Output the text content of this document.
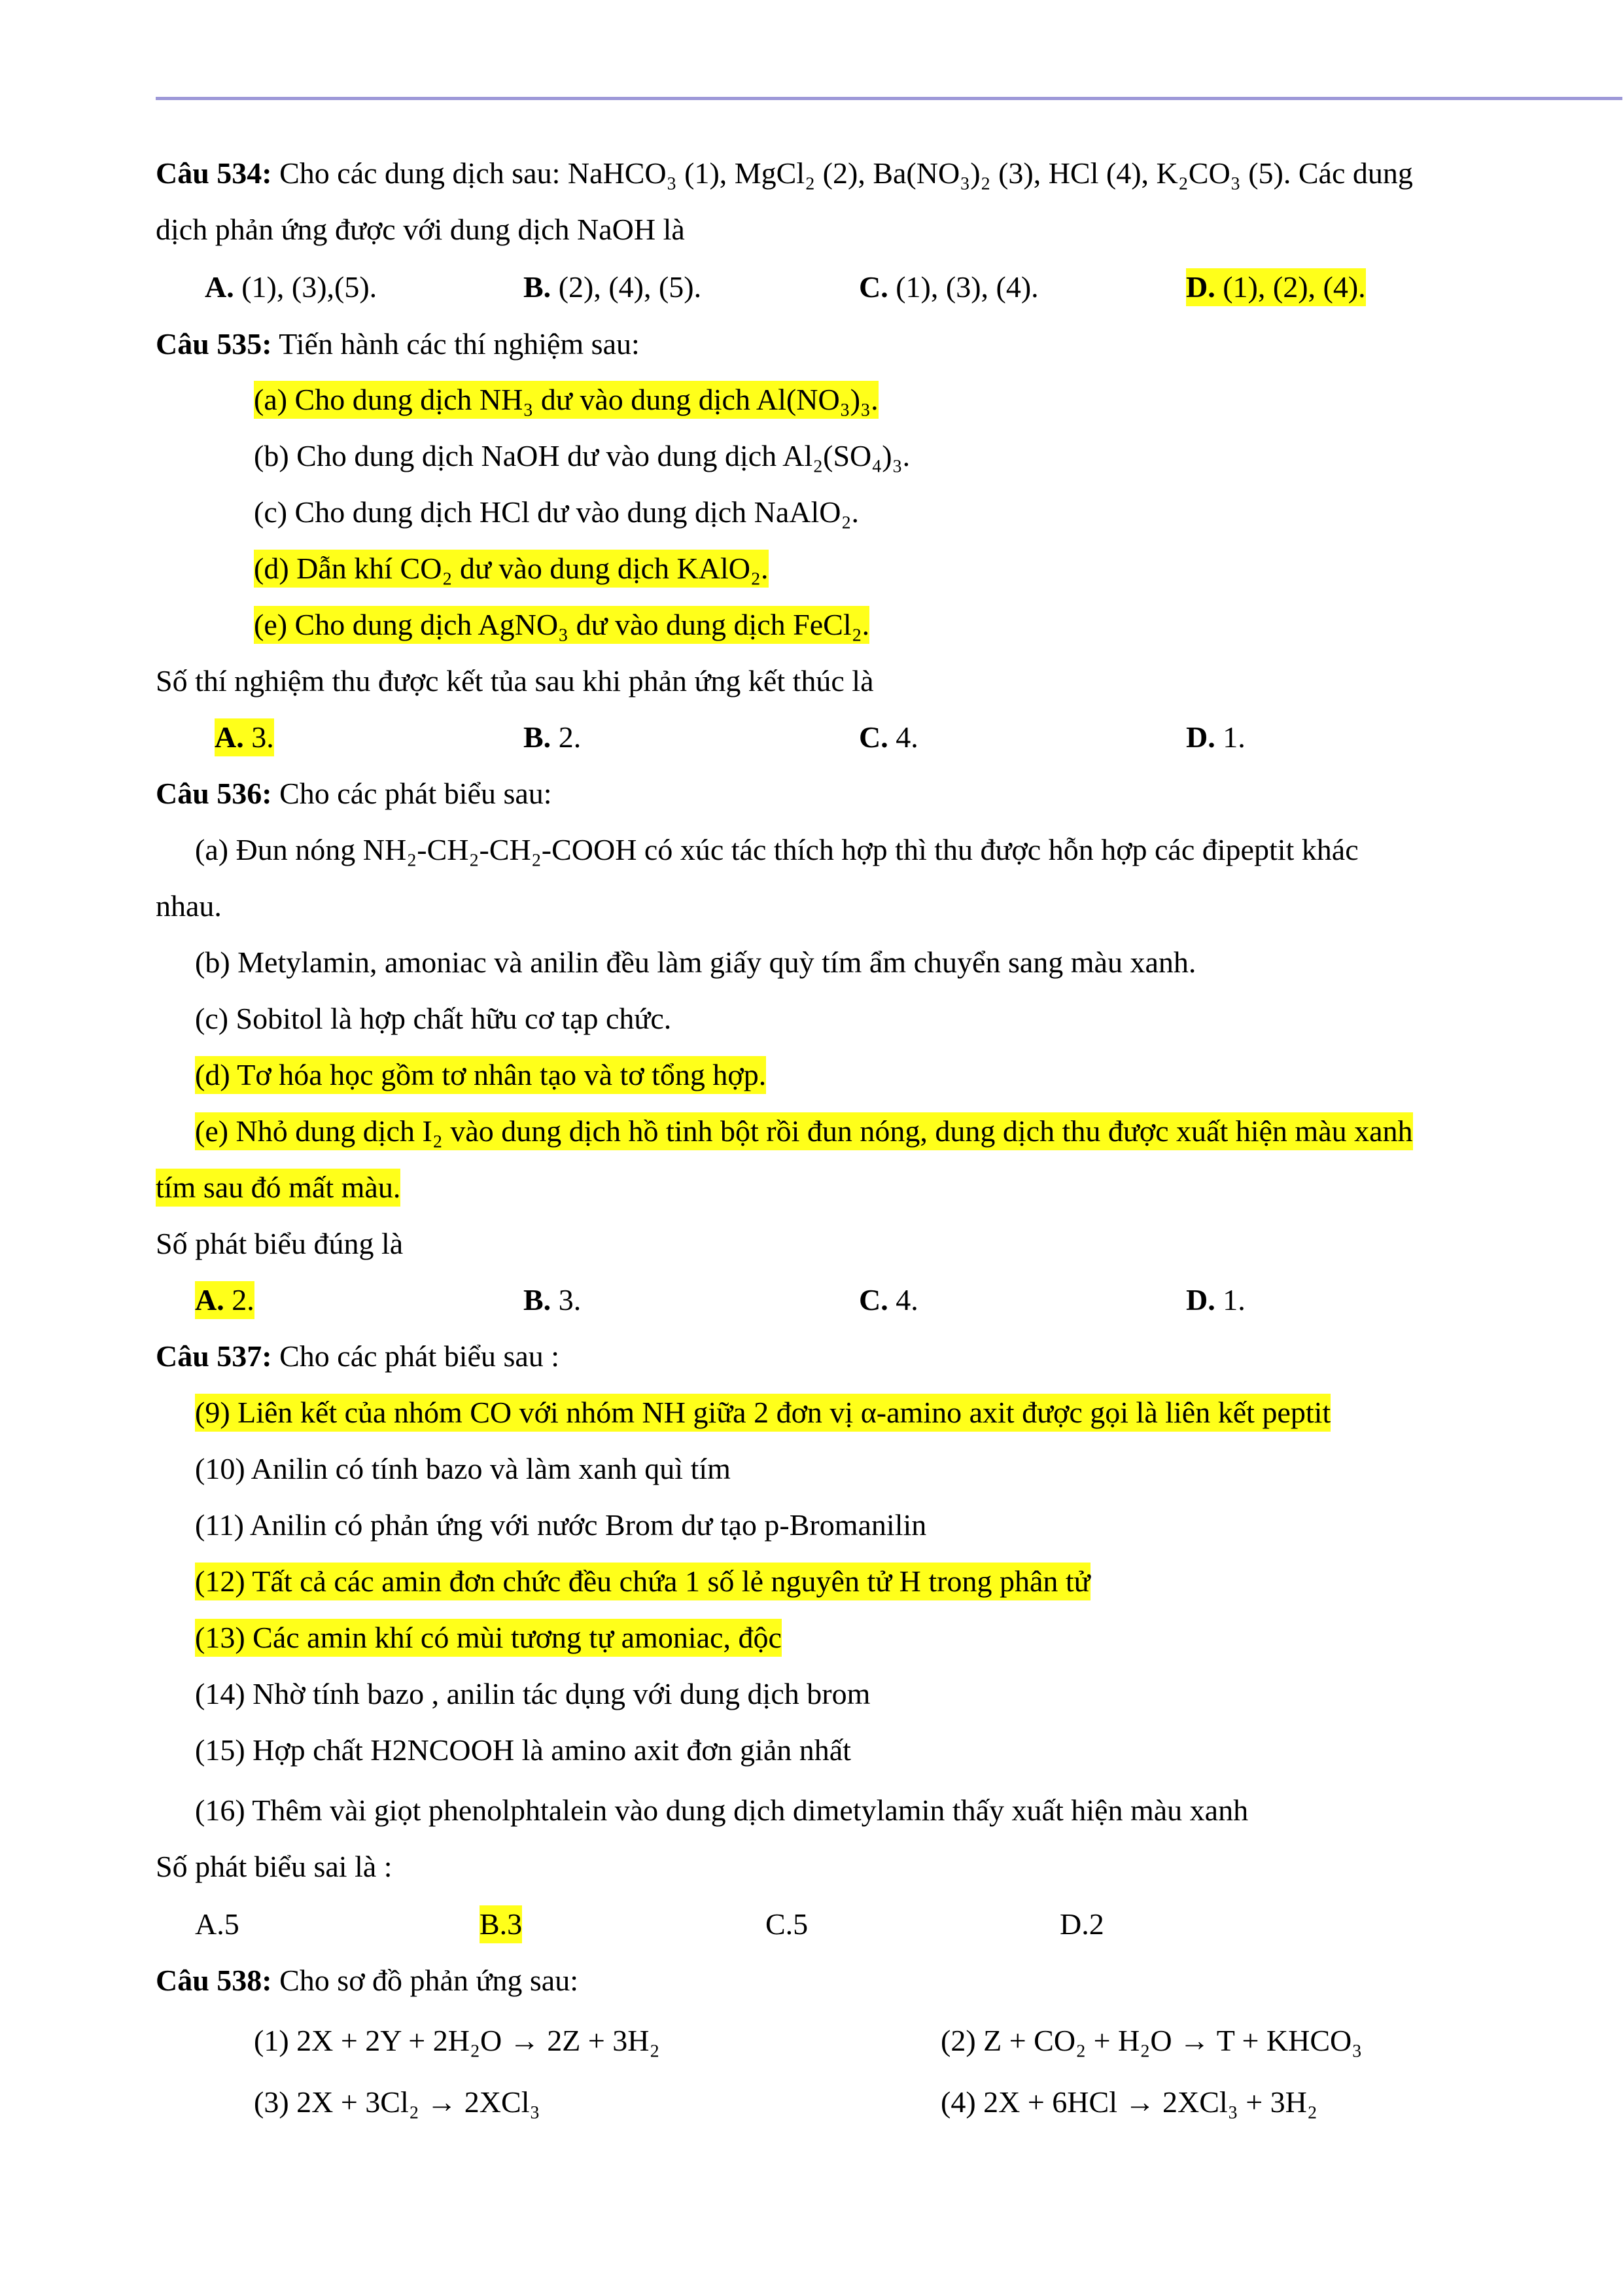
Câu 534: Cho các dung dịch sau: NaHCO₃ (1), MgCl₂ (2), Ba(NO₃)₂ (3), HCl (4), K₂CO₃ (5). Các dung
dịch phản ứng được với dung dịch NaOH là
A. (1), (3),(5).	B. (2), (4), (5).	C. (1), (3), (4).	D. (1), (2), (4).
Câu 535: Tiến hành các thí nghiệm sau:
(a) Cho dung dịch NH₃ dư vào dung dịch Al(NO₃)₃.
(b) Cho dung dịch NaOH dư vào dung dịch Al₂(SO₄)₃.
(c) Cho dung dịch HCl dư vào dung dịch NaAlO₂.
(d) Dẫn khí CO₂ dư vào dung dịch KAlO₂.
(e) Cho dung dịch AgNO₃ dư vào dung dịch FeCl₂.
Số thí nghiệm thu được kết tủa sau khi phản ứng kết thúc là
A. 3.	B. 2.	C. 4.	D. 1.
Câu 536: Cho các phát biểu sau:
(a) Đun nóng NH₂-CH₂-CH₂-COOH có xúc tác thích hợp thì thu được hỗn hợp các đipeptit khác
nhau.
(b) Metylamin, amoniac và anilin đều làm giấy quỳ tím ẩm chuyển sang màu xanh.
(c) Sobitol là hợp chất hữu cơ tạp chức.
(d) Tơ hóa học gồm tơ nhân tạo và tơ tổng hợp.
(e) Nhỏ dung dịch I₂ vào dung dịch hồ tinh bột rồi đun nóng, dung dịch thu được xuất hiện màu xanh
tím sau đó mất màu.
Số phát biểu đúng là
A. 2.	B. 3.	C. 4.	D. 1.
Câu 537: Cho các phát biểu sau :
(9) Liên kết của nhóm CO với nhóm NH giữa 2 đơn vị α-amino axit được gọi là liên kết peptit
(10) Anilin có tính bazo và làm xanh quì tím
(11) Anilin có phản ứng với nước Brom dư tạo p-Bromanilin
(12) Tất cả các amin đơn chức đều chứa 1 số lẻ nguyên tử H trong phân tử
(13) Các amin khí có mùi tương tự amoniac, độc
(14) Nhờ tính bazo , anilin tác dụng với dung dịch brom
(15) Hợp chất H2NCOOH là amino axit đơn giản nhất
(16) Thêm vài giọt phenolphtalein vào dung dịch dimetylamin thấy xuất hiện màu xanh
Số phát biểu sai là :
A.5	B.3	C.5	D.2
Câu 538: Cho sơ đồ phản ứng sau:
(1) 2X + 2Y + 2H₂O → 2Z + 3H₂	(2) Z + CO₂ + H₂O → T + KHCO₃
(3) 2X + 3Cl₂ → 2XCl₃	(4) 2X + 6HCl → 2XCl₃ + 3H₂
